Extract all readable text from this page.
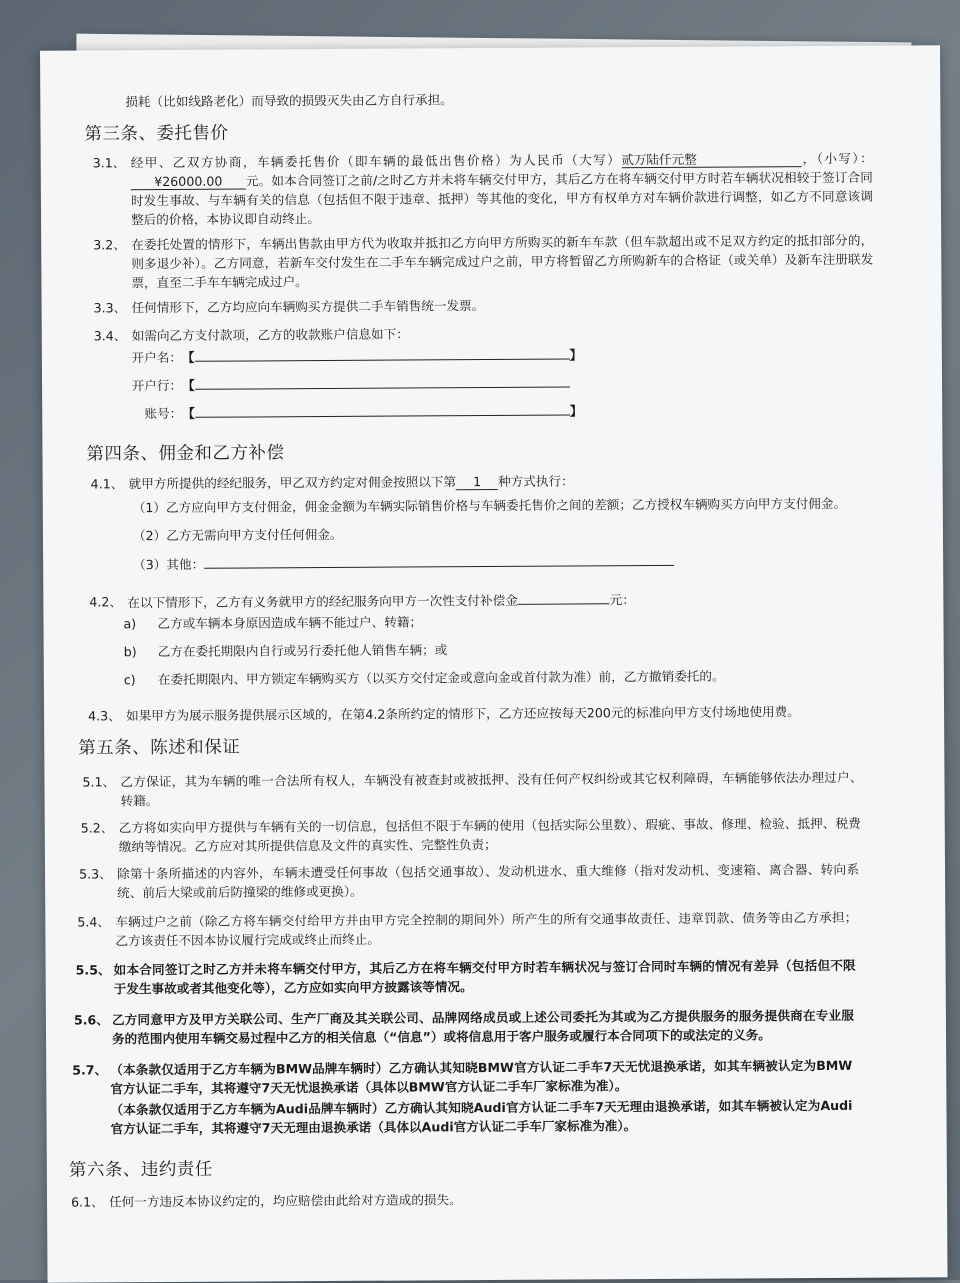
损耗（比如线路老化）而导致的损毁灭失由乙方自行承担。
第三条、委托售价
3.1、 经甲、乙双方协商，车辆委托售价（即车辆的最低出售价格）为人民币（大写）贰万陆仟元整	，（小写）：¥26000.00 元。如本合同签订之前/之时乙方并未将车辆交付甲方，其后乙方在将车辆交付甲方时若车辆状况相较于签订合同时发生事故、与车辆有关的信息（包括但不限于违章、抵押）等其他的变化，甲方有权单方对车辆价款进行调整，如乙方不同意该调整后的价格，本协议即自动终止。
3.2、 在委托处置的情形下，车辆出售款由甲方代为收取并抵扣乙方向甲方所购买的新车车款（但车款超出或不足双方约定的抵扣部分的，则多退少补）。乙方同意，若新车交付发生在二手车车辆完成过户之前，甲方将暂留乙方所购新车的合格证（或关单）及新车注册联发票，直至二手车车辆完成过户。
3.3、 任何情形下，乙方均应向车辆购买方提供二手车销售统一发票。
3.4、 如需向乙方支付款项，乙方的收款账户信息如下：
开户名：【	】
开户行：【
账号：【	】
第四条、佣金和乙方补偿
4.1、 就甲方所提供的经纪服务，甲乙双方约定对佣金按照以下第 1 种方式执行：
（1）乙方应向甲方支付佣金，佣金金额为车辆实际销售价格与车辆委托售价之间的差额；乙方授权车辆购买方向甲方支付佣金。
（2）乙方无需向甲方支付任何佣金。
（3）其他：
4.2、 在以下情形下，乙方有义务就甲方的经纪服务向甲方一次性支付补偿金	元：
a) 乙方或车辆本身原因造成车辆不能过户、转籍；
b) 乙方在委托期限内自行或另行委托他人销售车辆；或
c) 在委托期限内、甲方锁定车辆购买方（以买方交付定金或意向金或首付款为准）前，乙方撤销委托的。
4.3、 如果甲方为展示服务提供展示区域的，在第4.2条所约定的情形下，乙方还应按每天200元的标准向甲方支付场地使用费。
第五条、陈述和保证
5.1、 乙方保证，其为车辆的唯一合法所有权人，车辆没有被查封或被抵押、没有任何产权纠纷或其它权利障碍，车辆能够依法办理过户、转籍。
5.2、 乙方将如实向甲方提供与车辆有关的一切信息，包括但不限于车辆的使用（包括实际公里数）、瑕疵、事故、修理、检验、抵押、税费缴纳等情况。乙方应对其所提供信息及文件的真实性、完整性负责；
5.3、 除第十条所描述的内容外，车辆未遭受任何事故（包括交通事故）、发动机进水、重大维修（指对发动机、变速箱、离合器、转向系统、前后大梁或前后防撞梁的维修或更换）。
5.4、 车辆过户之前（除乙方将车辆交付给甲方并由甲方完全控制的期间外）所产生的所有交通事故责任、违章罚款、债务等由乙方承担；乙方该责任不因本协议履行完成或终止而终止。
5.5、 如本合同签订之时乙方并未将车辆交付甲方，其后乙方在将车辆交付甲方时若车辆状况与签订合同时车辆的情况有差异（包括但不限于发生事故或者其他变化等），乙方应如实向甲方披露该等情况。
5.6、 乙方同意甲方及甲方关联公司、生产厂商及其关联公司、品牌网络成员或上述公司委托为其或为乙方提供服务的服务提供商在专业服务的范围内使用车辆交易过程中乙方的相关信息（“信息”）或将信息用于客户服务或履行本合同项下的或法定的义务。
5.7、 （本条款仅适用于乙方车辆为BMW品牌车辆时）乙方确认其知晓BMW官方认证二手车7天无忧退换承诺，如其车辆被认定为BMW官方认证二手车，其将遵守7天无忧退换承诺（具体以BMW官方认证二手车厂家标准为准）。
（本条款仅适用于乙方车辆为Audi品牌车辆时）乙方确认其知晓Audi官方认证二手车7天无理由退换承诺，如其车辆被认定为Audi官方认证二手车，其将遵守7天无理由退换承诺（具体以Audi官方认证二手车厂家标准为准）。
第六条、违约责任
6.1、 任何一方违反本协议约定的，均应赔偿由此给对方造成的损失。
